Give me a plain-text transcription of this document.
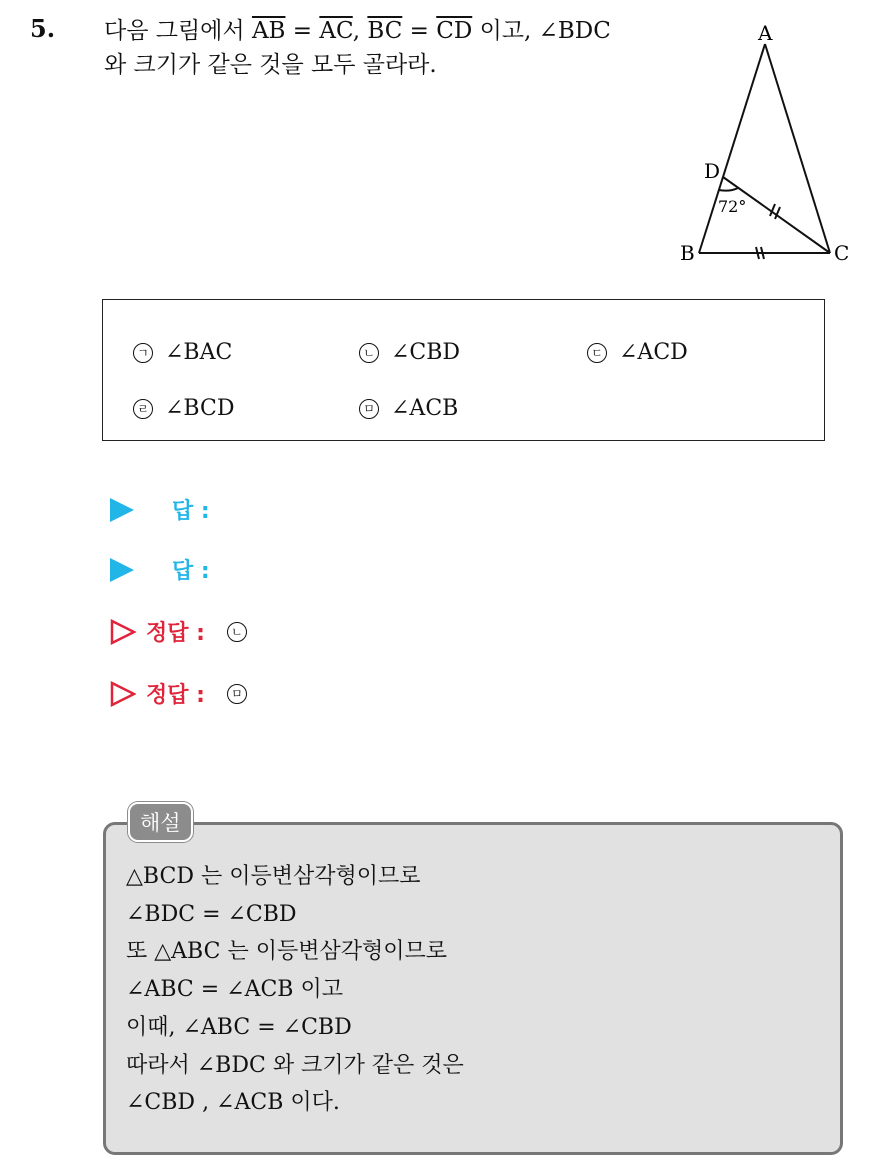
5. 다음 그림에서 $\overline{AB} = \overline{AC}$, $\overline{BC} = \overline{CD}$ 이고, ∠BDC
와 크기가 같은 것을 모두 골라라.
A
B	C
D
72°
ㄱ ∠BAC	ㄴ ∠CBD	ㄷ ∠ACD
ㄹ ∠BCD	ㅁ ∠ACB
답 :
답 :
정답 :	ㄴ
정답 :	ㅁ
해설
△BCD 는 이등변삼각형이므로
∠BDC = ∠CBD
또 △ABC 는 이등변삼각형이므로
∠ABC = ∠ACB 이고
이때, ∠ABC = ∠CBD
따라서 ∠BDC 와 크기가 같은 것은
∠CBD , ∠ACB 이다.
